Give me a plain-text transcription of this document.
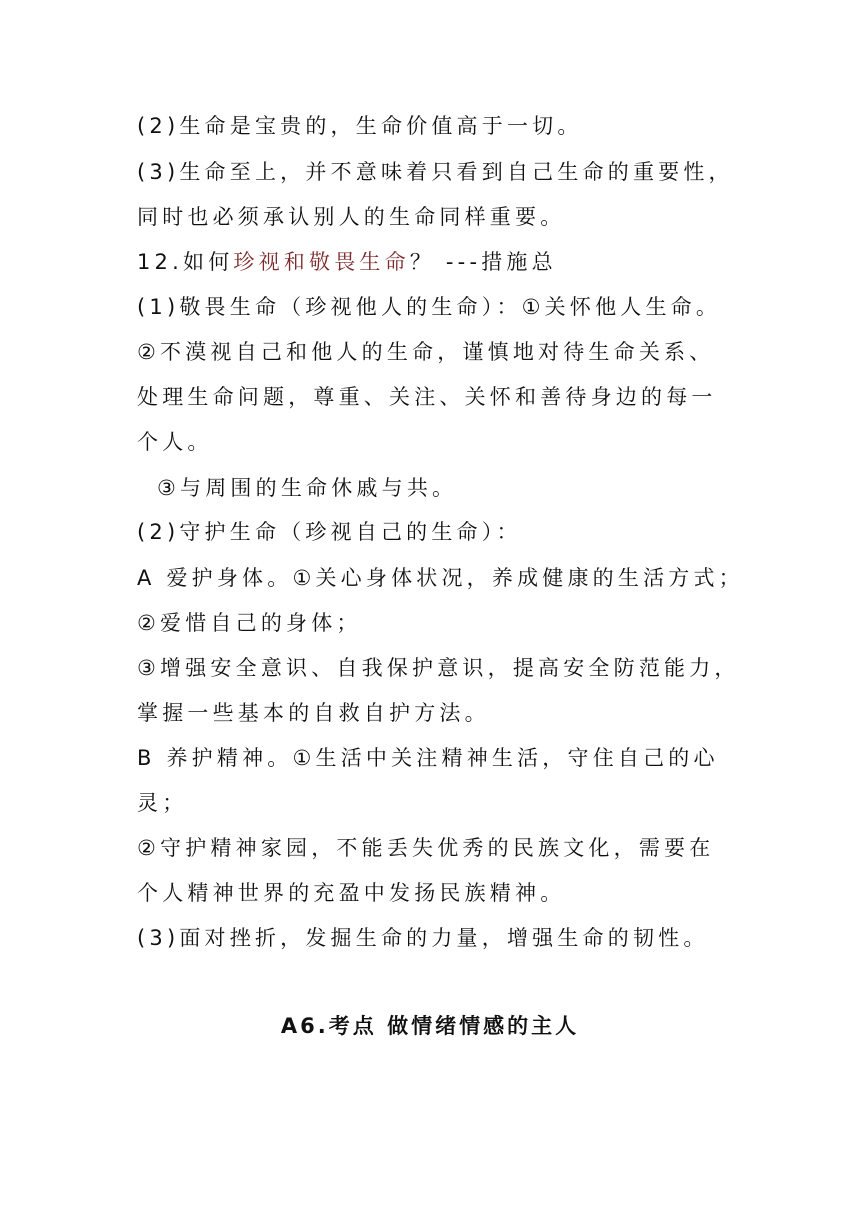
(2)生命是宝贵的，生命价值高于一切。
(3)生命至上，并不意味着只看到自己生命的重要性，
同时也必须承认别人的生命同样重要。
12.如何珍视和敬畏生命？ ---措施总
(1)敬畏生命（珍视他人的生命）：①关怀他人生命。
②不漠视自己和他人的生命，谨慎地对待生命关系、
处理生命问题，尊重、关注、关怀和善待身边的每一
个人。
③与周围的生命休戚与共。
(2)守护生命（珍视自己的生命）：
A 爱护身体。①关心身体状况，养成健康的生活方式；
②爱惜自己的身体；
③增强安全意识、自我保护意识，提高安全防范能力，
掌握一些基本的自救自护方法。
B 养护精神。①生活中关注精神生活，守住自己的心
灵；
②守护精神家园，不能丢失优秀的民族文化，需要在
个人精神世界的充盈中发扬民族精神。
(3)面对挫折，发掘生命的力量，增强生命的韧性。
A6.考点 做情绪情感的主人
